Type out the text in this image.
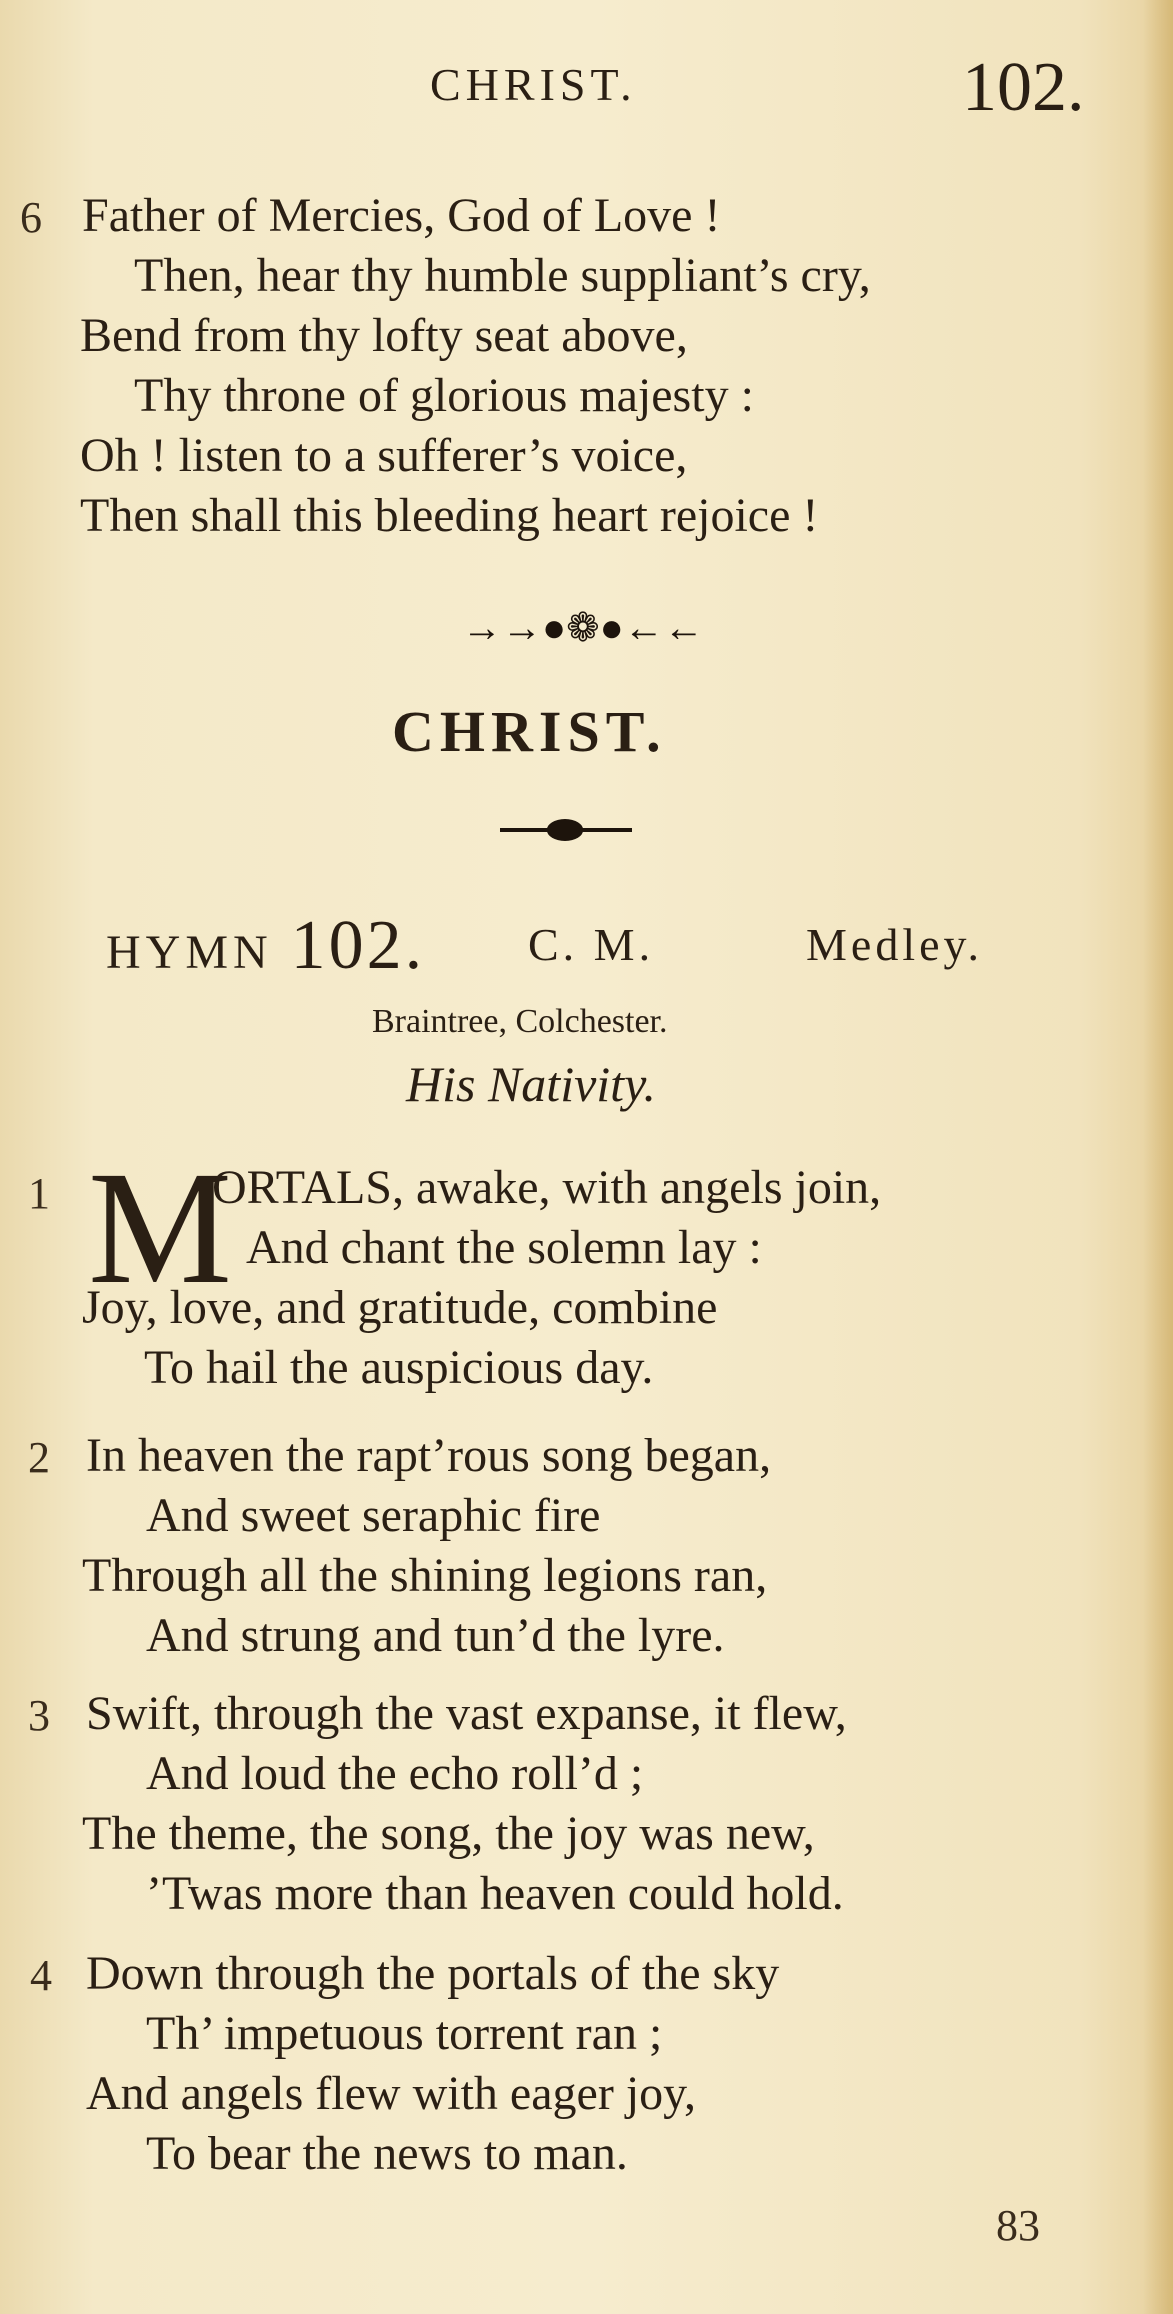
CHRIST.	102.
6 Father of Mercies, God of Love !
Then, hear thy humble suppliant’s cry,
Bend from thy lofty seat above,
Thy throne of glorious majesty :
Oh ! listen to a sufferer’s voice,
Then shall this bleeding heart rejoice !
→→●❁●←←
CHRIST.
HYMN 102. C. M.	Medley.
Braintree, Colchester.
His Nativity.
1 M
ORTALS, awake, with angels join,
And chant the solemn lay :
Joy, love, and gratitude, combine
To hail the auspicious day.
2 In heaven the rapt’rous song began,
And sweet seraphic fire
Through all the shining legions ran,
And strung and tun’d the lyre.
3 Swift, through the vast expanse, it flew,
And loud the echo roll’d ;
The theme, the song, the joy was new,
’Twas more than heaven could hold.
4 Down through the portals of the sky
Th’ impetuous torrent ran ;
And angels flew with eager joy,
To bear the news to man.
83
